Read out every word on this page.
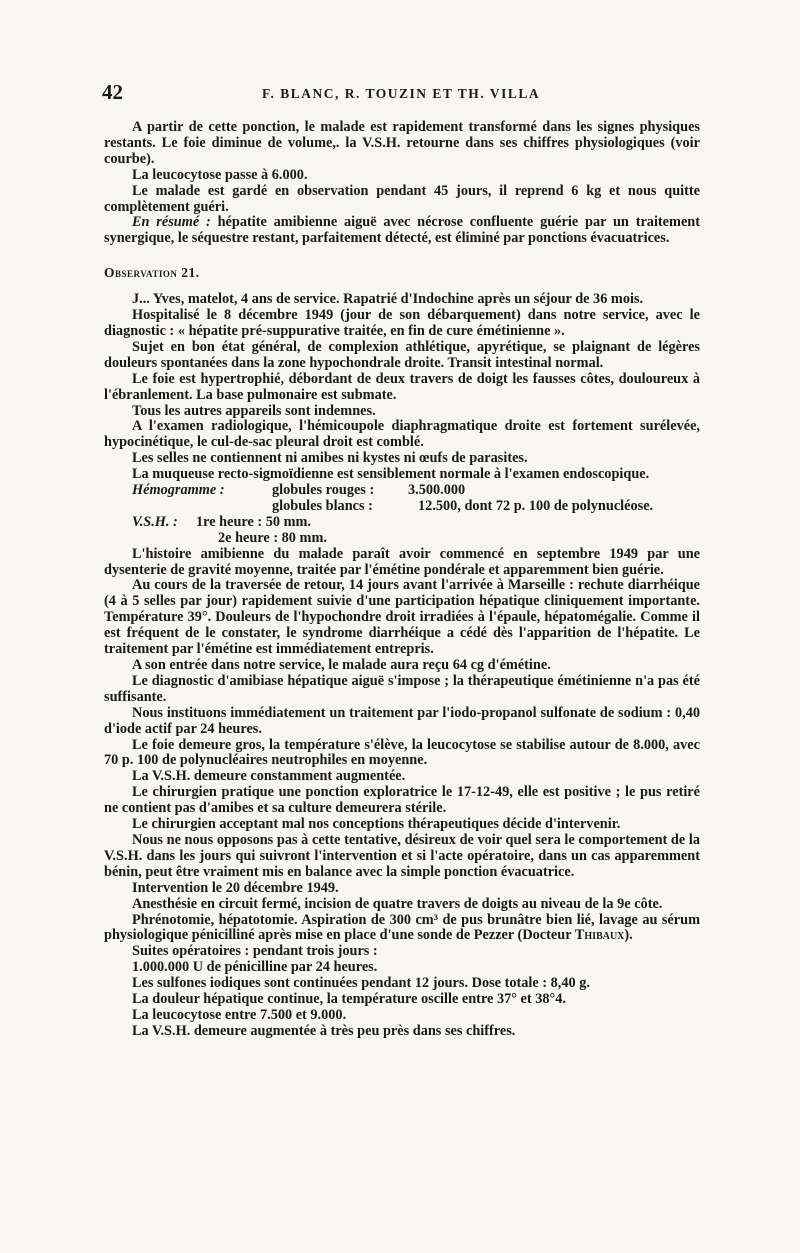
42	F. BLANC, R. TOUZIN ET TH. VILLA

A partir de cette ponction, le malade est rapidement transformé dans les signes physiques restants. Le foie diminue de volume,. la V.S.H. retourne dans ses chiffres physiologiques (voir courbe).

La leucocytose passe à 6.000.

Le malade est gardé en observation pendant 45 jours, il reprend 6 kg et nous quitte complètement guéri.

En résumé : hépatite amibienne aiguë avec nécrose confluente guérie par un traitement synergique, le séquestre restant, parfaitement détecté, est éliminé par ponctions évacuatrices.

Observation 21.

J... Yves, matelot, 4 ans de service. Rapatrié d'Indochine après un séjour de 36 mois.

Hospitalisé le 8 décembre 1949 (jour de son débarquement) dans notre service, avec le diagnostic : « hépatite pré-suppurative traitée, en fin de cure émétinienne ».

Sujet en bon état général, de complexion athlétique, apyrétique, se plaignant de légères douleurs spontanées dans la zone hypochondrale droite. Transit intestinal normal.

Le foie est hypertrophié, débordant de deux travers de doigt les fausses côtes, douloureux à l'ébranlement. La base pulmonaire est submate.

Tous les autres appareils sont indemnes.

A l'examen radiologique, l'hémicoupole diaphragmatique droite est fortement surélevée, hypocinétique, le cul-de-sac pleural droit est comblé.

Les selles ne contiennent ni amibes ni kystes ni œufs de parasites.

La muqueuse recto-sigmoïdienne est sensiblement normale à l'examen endoscopique.

Hémogramme :	globules rouges : 3.500.000
globules blancs :	12.500, dont 72 p. 100 de polynucléose.
V.S.H. : 1re heure : 50 mm.
2e heure : 80 mm.

L'histoire amibienne du malade paraît avoir commencé en septembre 1949 par une dysenterie de gravité moyenne, traitée par l'émétine pondérale et apparemment bien guérie.

Au cours de la traversée de retour, 14 jours avant l'arrivée à Marseille : rechute diarrhéique (4 à 5 selles par jour) rapidement suivie d'une participation hépatique cliniquement importante. Température 39°. Douleurs de l'hypochondre droit irradiées à l'épaule, hépatomégalie. Comme il est fréquent de le constater, le syndrome diarrhéique a cédé dès l'apparition de l'hépatite. Le traitement par l'émétine est immédiatement entrepris.

A son entrée dans notre service, le malade aura reçu 64 cg d'émétine.

Le diagnostic d'amibiase hépatique aiguë s'impose ; la thérapeutique émétinienne n'a pas été suffisante.

Nous instituons immédiatement un traitement par l'iodo-propanol sulfonate de sodium : 0,40 d'iode actif par 24 heures.

Le foie demeure gros, la température s'élève, la leucocytose se stabilise autour de 8.000, avec 70 p. 100 de polynucléaires neutrophiles en moyenne.

La V.S.H. demeure constamment augmentée.

Le chirurgien pratique une ponction exploratrice le 17-12-49, elle est positive ; le pus retiré ne contient pas d'amibes et sa culture demeurera stérile.

Le chirurgien acceptant mal nos conceptions thérapeutiques décide d'intervenir.

Nous ne nous opposons pas à cette tentative, désireux de voir quel sera le comportement de la V.S.H. dans les jours qui suivront l'intervention et si l'acte opératoire, dans un cas apparemment bénin, peut être vraiment mis en balance avec la simple ponction évacuatrice.

Intervention le 20 décembre 1949.

Anesthésie en circuit fermé, incision de quatre travers de doigts au niveau de la 9e côte.

Phrénotomie, hépatotomie. Aspiration de 300 cm³ de pus brunâtre bien lié, lavage au sérum physiologique pénicilliné après mise en place d'une sonde de Pezzer (Docteur Thibaux).

Suites opératoires : pendant trois jours :

1.000.000 U de pénicilline par 24 heures.

Les sulfones iodiques sont continuées pendant 12 jours. Dose totale : 8,40 g.

La douleur hépatique continue, la température oscille entre 37° et 38°4.

La leucocytose entre 7.500 et 9.000.

La V.S.H. demeure augmentée à très peu près dans ses chiffres.
